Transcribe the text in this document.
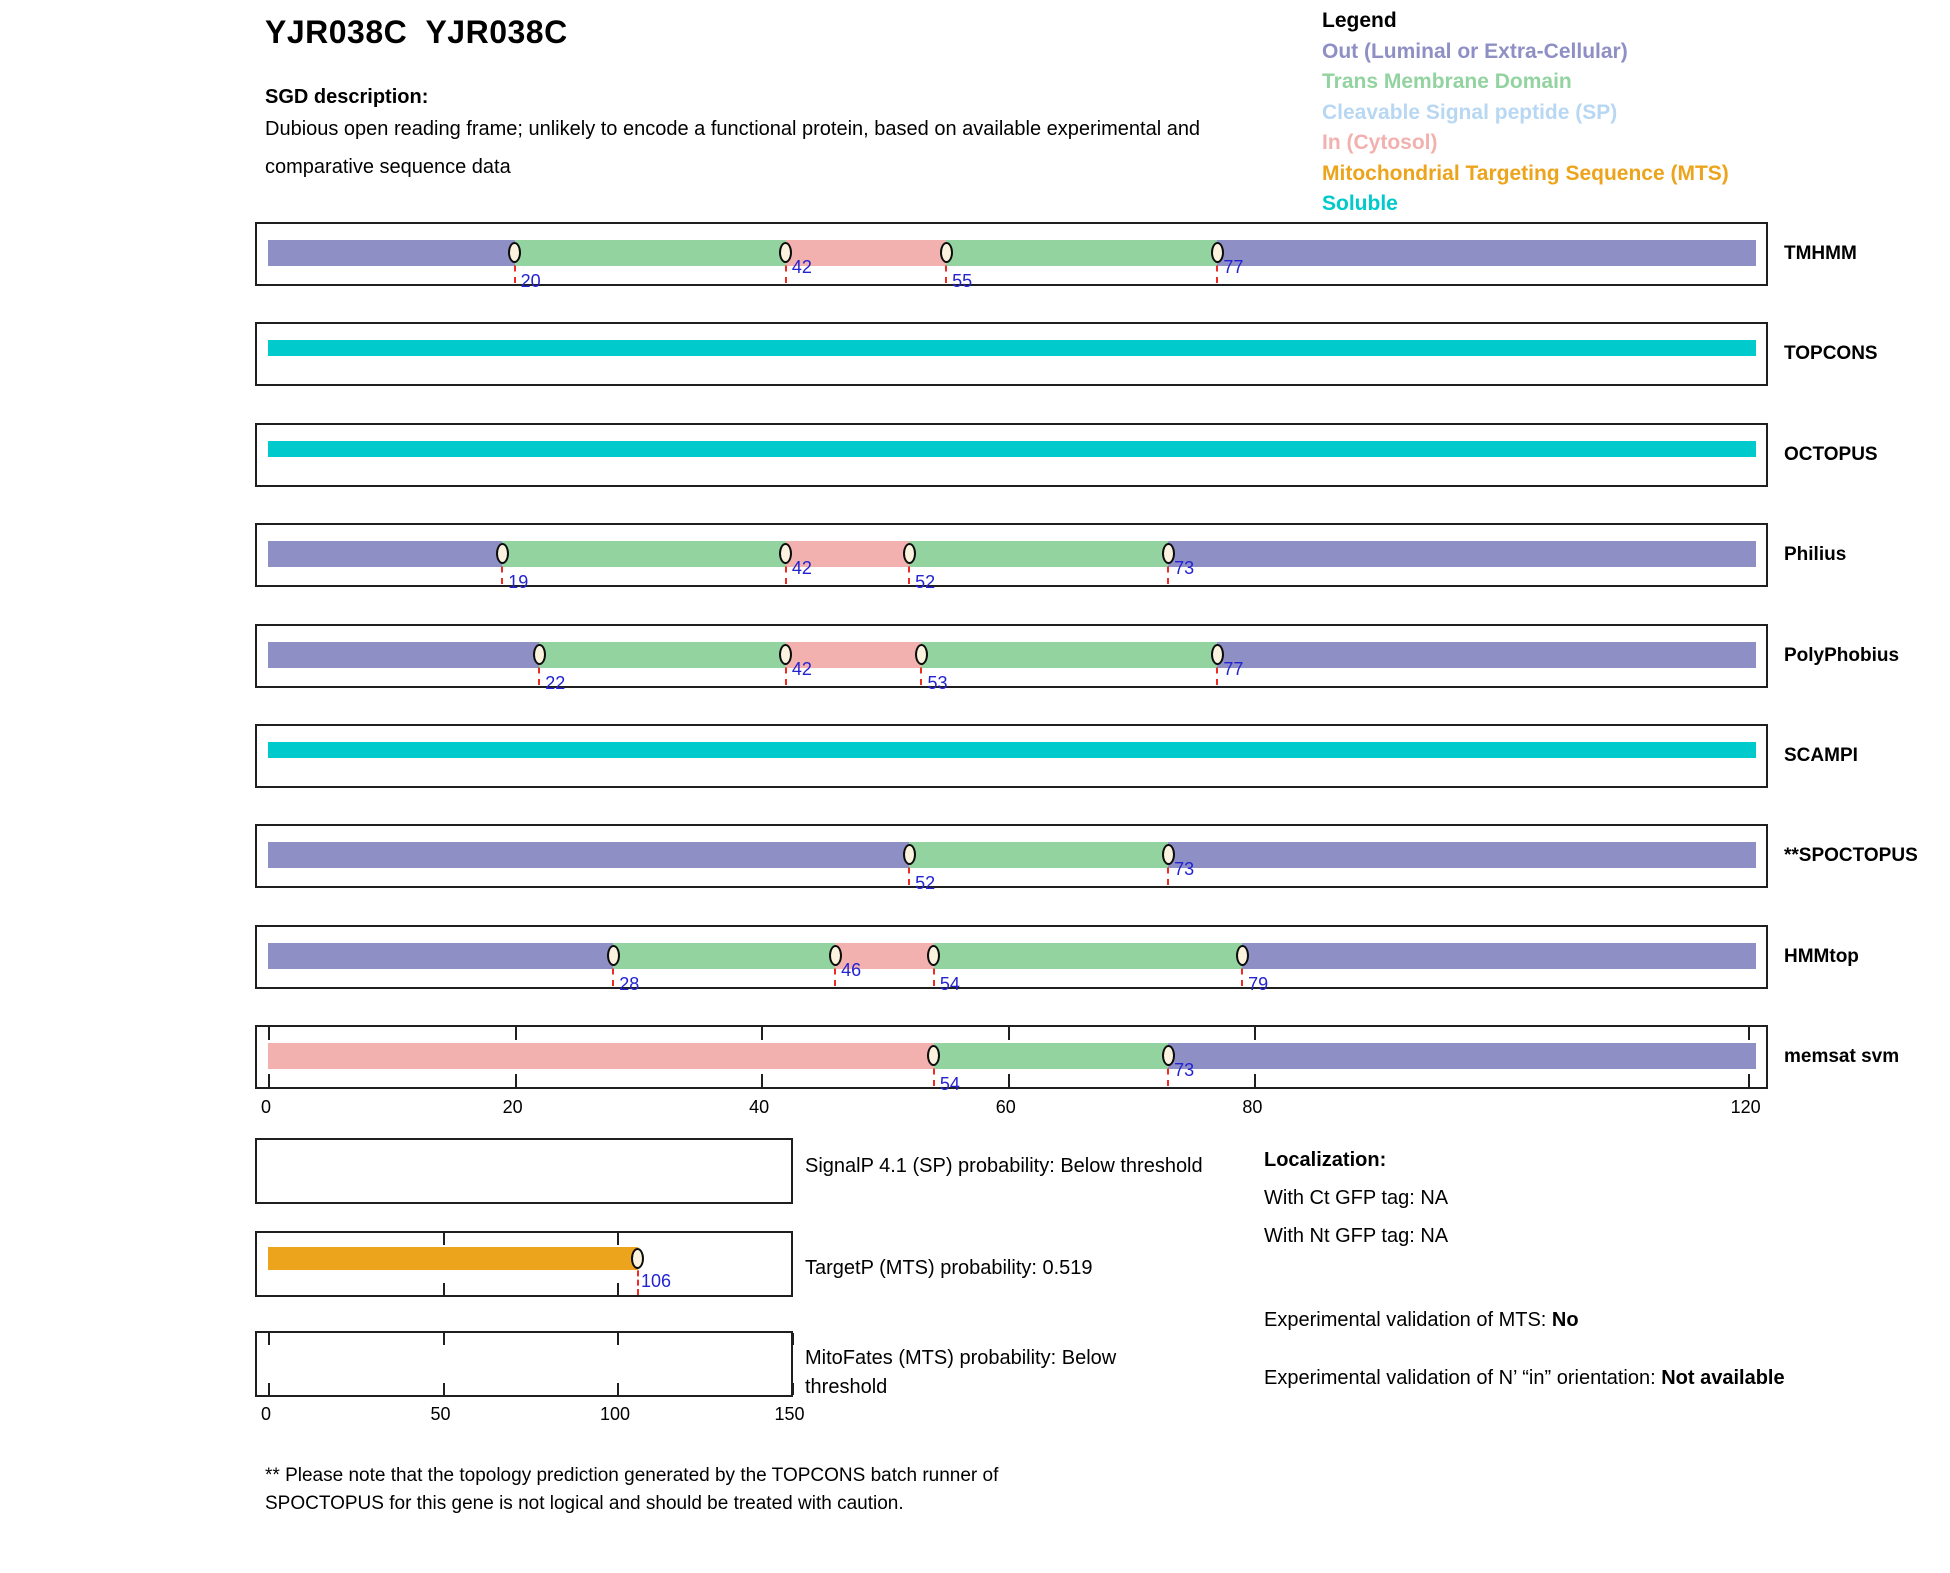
YJR038C  YJR038C
SGD description:
Dubious open reading frame; unlikely to encode a functional protein, based on available experimental and comparative sequence data
Legend
Out (Luminal or Extra-Cellular)
Trans Membrane Domain
Cleavable Signal peptide (SP)
In (Cytosol)
Mitochondrial Targeting Sequence (MTS)
Soluble
20
42
55
77
TMHMM
TOPCONS
OCTOPUS
19
42
52
73
Philius
22
42
53
77
PolyPhobius
SCAMPI
52
73
**SPOCTOPUS
28
46
54	79
HMMtop
54
73
memsat svm
0	20	40	60	80	120
106
0	50	100	150
SignalP 4.1 (SP) probability: Below threshold
TargetP (MTS) probability: 0.519
MitoFates (MTS) probability: Below threshold
Localization:
With Ct GFP tag: NA
With Nt GFP tag: NA
Experimental validation of MTS: No
Experimental validation of N’ “in” orientation: Not available
** Please note that the topology prediction generated by the TOPCONS batch runner of SPOCTOPUS for this gene is not logical and should be treated with caution.
